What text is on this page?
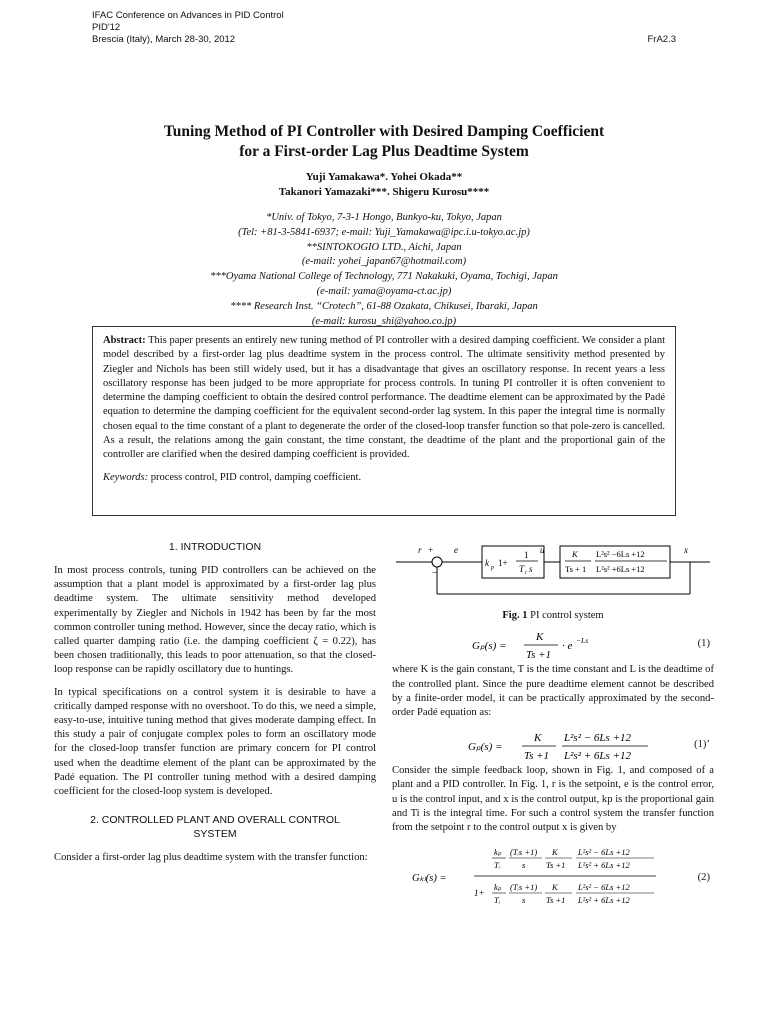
IFAC Conference on Advances in PID Control
PID'12
Brescia (Italy), March 28-30, 2012	FrA2.3
Tuning Method of PI Controller with Desired Damping Coefficient
for a First-order Lag Plus Deadtime System
Yuji Yamakawa*. Yohei Okada**
Takanori Yamazaki***. Shigeru Kurosu****
*Univ. of Tokyo, 7-3-1 Hongo, Bunkyo-ku, Tokyo, Japan
(Tel: +81-3-5841-6937; e-mail: Yuji_Yamakawa@ipc.i.u-tokyo.ac.jp)
**SINTOKOGIO LTD., Aichi, Japan
(e-mail: yohei_japan67@hotmail.com)
***Oyama National College of Technology, 771 Nakakuki, Oyama, Tochigi, Japan
(e-mail: yama@oyama-ct.ac.jp)
**** Research Inst. “Crotech”, 61-88 Ozakata, Chikusei, Ibaraki, Japan
(e-mail: kurosu_shi@yahoo.co.jp)
Abstract: This paper presents an entirely new tuning method of PI controller with a desired damping coefficient. We consider a plant model described by a first-order lag plus deadtime system in the process control. The ultimate sensitivity method presented by Ziegler and Nichols has been still widely used, but it has a disadvantage that gives an oscillatory response. In recent years a less oscillatory response has been judged to be more appropriate for process controls. In tuning PI controller it is often convenient to determine the damping coefficient to obtain the desired control performance. The deadtime element can be approximated by the Padé equation to determine the damping coefficient for the equivalent second-order lag system. In this paper the integral time is normally chosen equal to the time constant of a plant to degenerate the order of the closed-loop transfer function so that pole-zero is cancelled. As a result, the relations among the gain constant, the time constant, the deadtime of the plant and the proportional gain of the controller are clarified when the desired damping coefficient is provided.
Keywords: process control, PID control, damping coefficient.
1. INTRODUCTION

In most process controls, tuning PID controllers can be achieved on the assumption that a plant model is approximated by a first-order lag plus deadtime system. The ultimate sensitivity method developed experimentally by Ziegler and Nichols in 1942 has been by far the most common controller tuning method. However, since the decay ratio, which is called quarter damping ratio (i.e. the damping coefficient ζ = 0.22), has been chosen traditionally, this leads to poor attenuation, so that the closed-loop response can be rapidly oscillatory due to huntings.

In typical specifications on a control system it is desirable to have a critically damped response with no overshoot. To do this, we need a simple, easy-to-use, intuitive tuning method that gives moderate damping effect. In this study a pair of conjugate complex poles to form an oscillatory mode for the closed-loop transfer function are primary concern for PI control used when the deadtime element of the plant can be approximated by the Padé equation. The PI controller tuning method with a desired damping coefficient for the closed-loop system is developed.

2. CONTROLLED PLANT AND OVERALL CONTROL
SYSTEM

Consider a first-order lag plus deadtime system with the transfer function:

r +
−
e
k p 1+
1
T i s
u	K
Ts + 1
L²s² −6Ls +12
L²s² +6Ls +12
x
Fig. 1 PI control system
Gₚ(s) =
K
Ts +1
· e −Ls	(1)

where K is the gain constant, T is the time constant and L is the deadtime of the controlled plant. Since the pure deadtime element cannot be described by a finite-order model, it can be practically approximated by the second-order Padé equation as:

Gₚ(s) =
K
Ts +1
L²s² − 6Ls +12
L²s² + 6Ls +12
(1)’

Consider the simple feedback loop, shown in Fig. 1, and composed of a plant and a PID controller. In Fig. 1, r is the setpoint, e is the control error, u is the control input, and x is the control output, kp is the proportional gain and Ti is the integral time. For such a control system the transfer function from the setpoint r to the control output x is given by

Gₖₗ(s) =
kₚ
Tᵢ
(Tᵢs +1)
s
K
Ts +1
L²s² − 6Ls +12
L²s² + 6Ls +12
1+
kₚ
Tᵢ
(Tᵢs +1)
s
K
Ts +1
L²s² − 6Ls +12
L²s² + 6Ls +12
(2)
